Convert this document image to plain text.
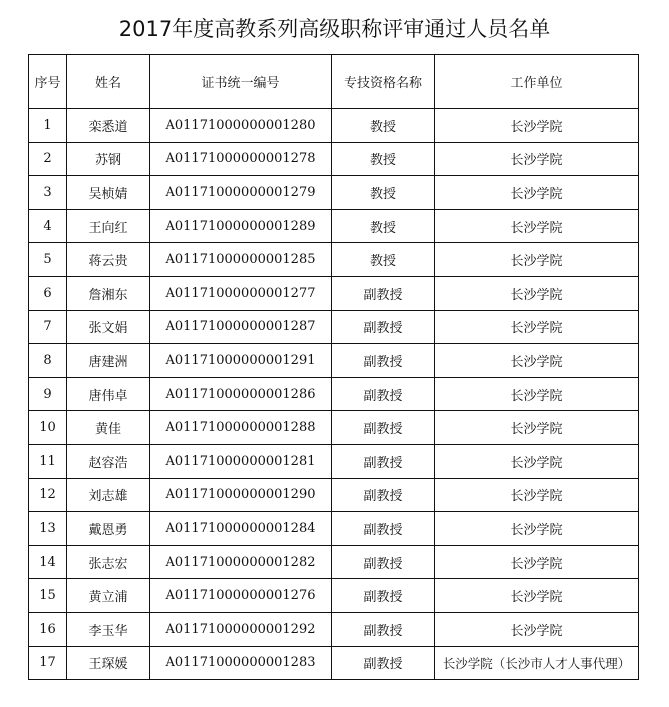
2017年度高教系列高级职称评审通过人员名单
序号	姓名	证书统一编号	专技资格名称	工作单位
1	栾悉道	A01171000000001280	教授	长沙学院
2	苏钢	A01171000000001278	教授	长沙学院
3	吴桢婧	A01171000000001279	教授	长沙学院
4	王向红	A01171000000001289	教授	长沙学院
5	蒋云贵	A01171000000001285	教授	长沙学院
6	詹湘东	A01171000000001277	副教授	长沙学院
7	张文娟	A01171000000001287	副教授	长沙学院
8	唐建洲	A01171000000001291	副教授	长沙学院
9	唐伟卓	A01171000000001286	副教授	长沙学院
10	黄佳	A01171000000001288	副教授	长沙学院
11	赵容浩	A01171000000001281	副教授	长沙学院
12	刘志雄	A01171000000001290	副教授	长沙学院
13	戴恩勇	A01171000000001284	副教授	长沙学院
14	张志宏	A01171000000001282	副教授	长沙学院
15	黄立浦	A01171000000001276	副教授	长沙学院
16	李玉华	A01171000000001292	副教授	长沙学院
17	王琛媛	A01171000000001283	副教授	长沙学院（长沙市人才人事代理）
